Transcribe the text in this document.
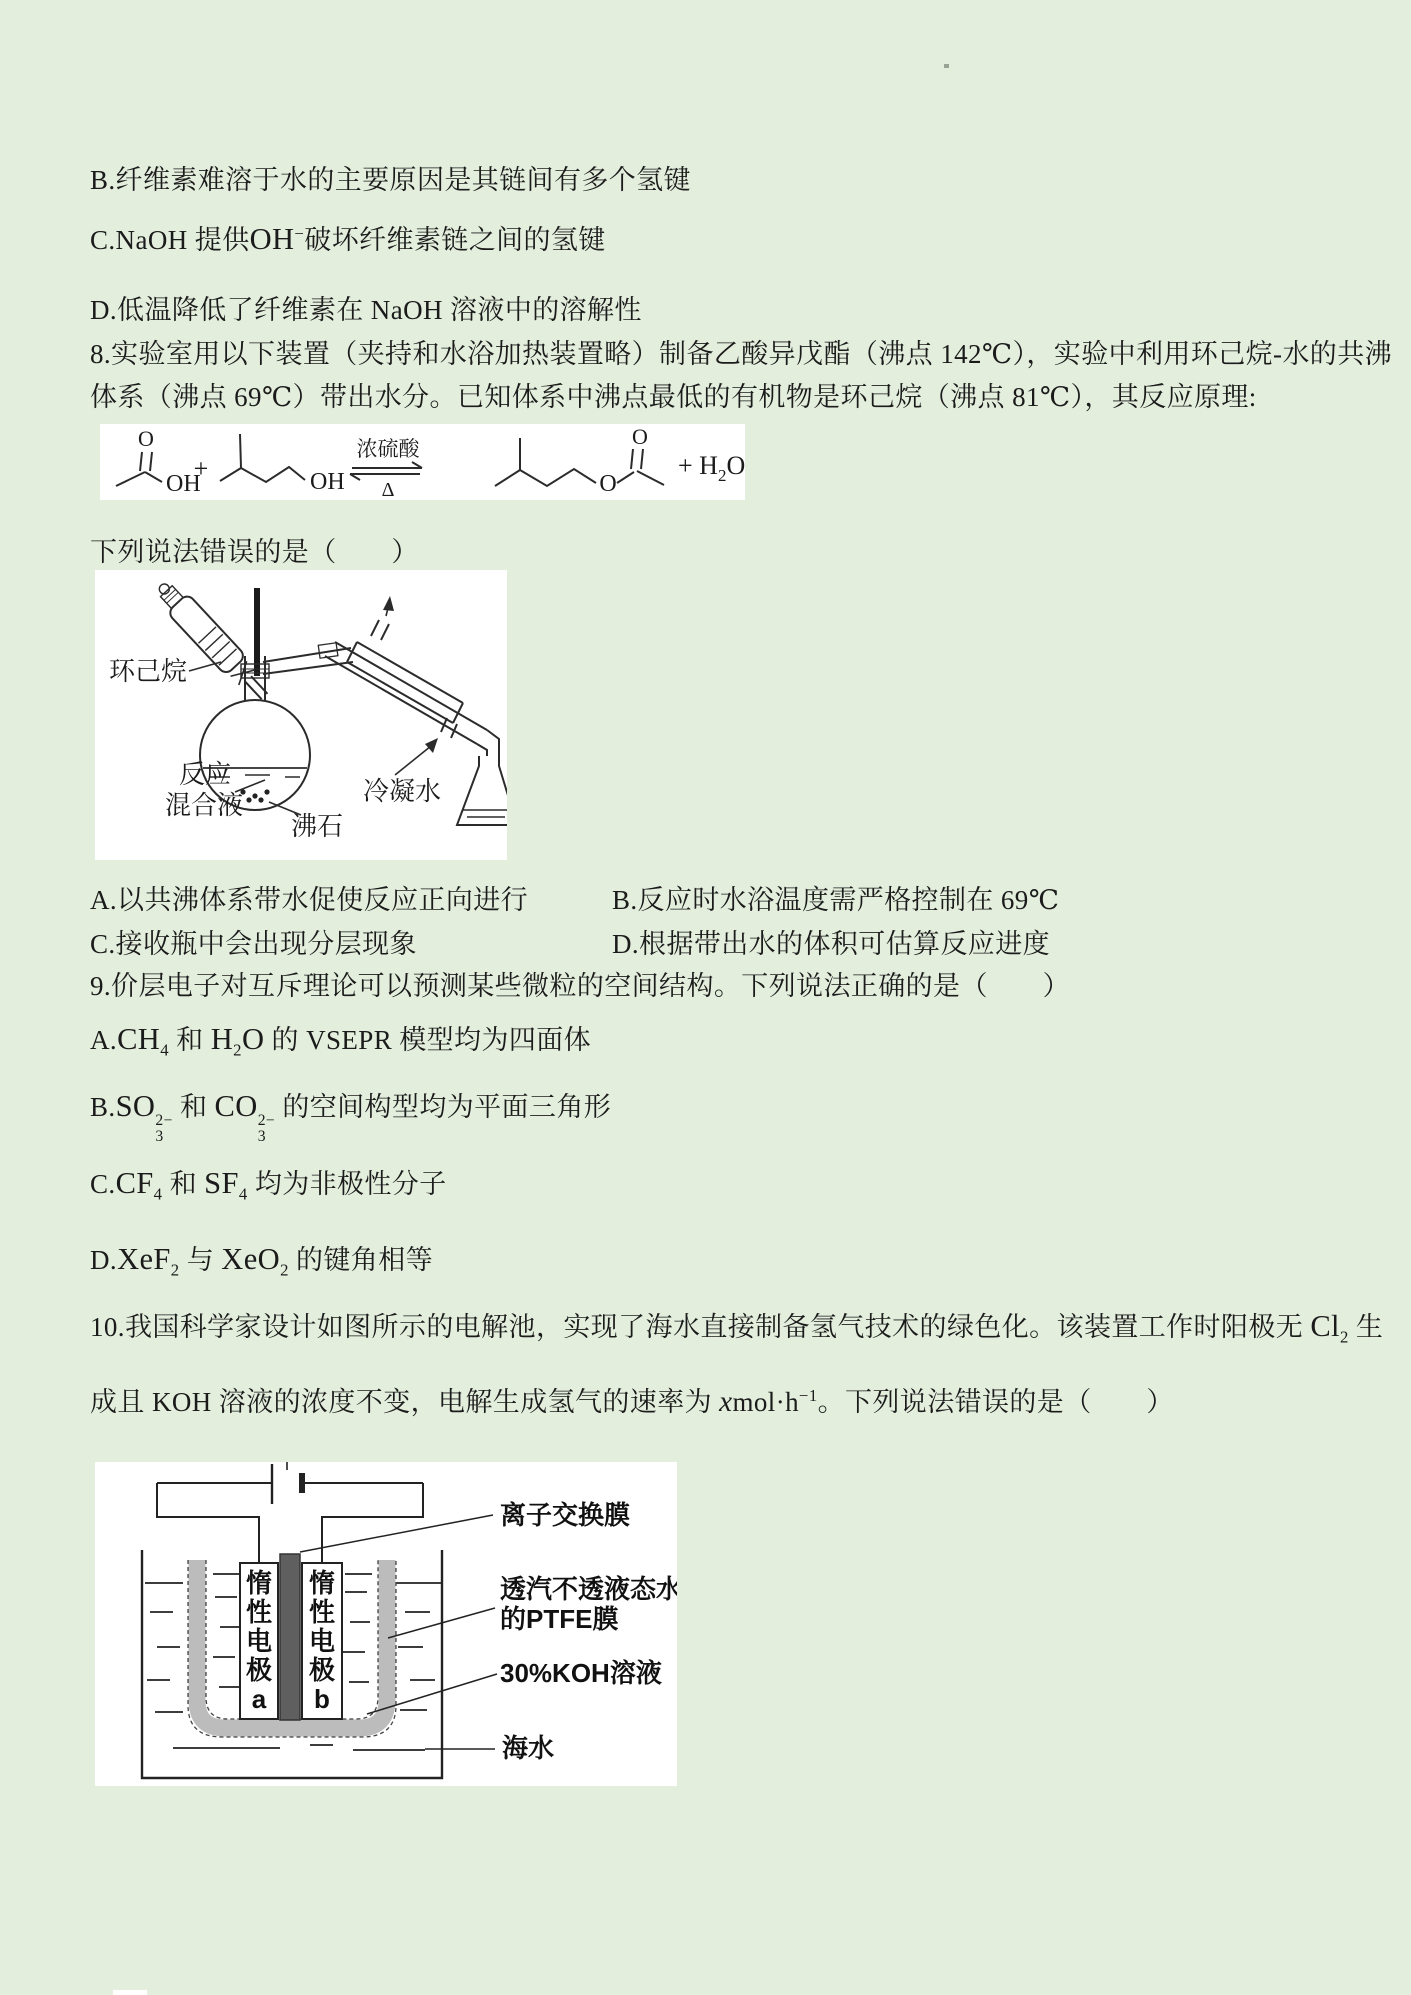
B.纤维素难溶于水的主要原因是其链间有多个氢键
C.NaOH 提供OH−破坏纤维素链之间的氢键
D.低温降低了纤维素在 NaOH 溶液中的溶解性
8.实验室用以下装置（夹持和水浴加热装置略）制备乙酸异戊酯（沸点 142℃），实验中利用环己烷-水的共沸
体系（沸点 69℃）带出水分。已知体系中沸点最低的有机物是环己烷（沸点 81℃），其反应原理:
O
OH
+	OH
浓硫酸
Δ	O
O
+ $H_2O$
下列说法错误的是（　　）
环己烷
反应
混合液
沸石
冷凝水
A.以共沸体系带水促使反应正向进行	B.反应时水浴温度需严格控制在 69℃
C.接收瓶中会出现分层现象	D.根据带出水的体积可估算反应进度
9.价层电子对互斥理论可以预测某些微粒的空间结构。下列说法正确的是（　　）
$A.CH_4$ 和 $H_2O$ 的 VSEPR 模型均为四面体
B.SO 2−
3
和 CO 2−
3
的空间构型均为平面三角形
$C.CF_4$ 和 $SF_4$ 均为非极性分子
D.XeF$_2$ 与 XeO$_2$ 的键角相等
10.我国科学家设计如图所示的电解池，实现了海水直接制备氢气技术的绿色化。该装置工作时阳极无 $Cl_2$ 生
成且 KOH 溶液的浓度不变，电解生成氢气的速率为 $xmol\cdot h^{-1}$。下列说法错误的是（　　）
惰
性
电
极
a
惰
性
电
极
b
离子交换膜
透汽不透液态水
的PTFE膜
30%KOH溶液
海水
